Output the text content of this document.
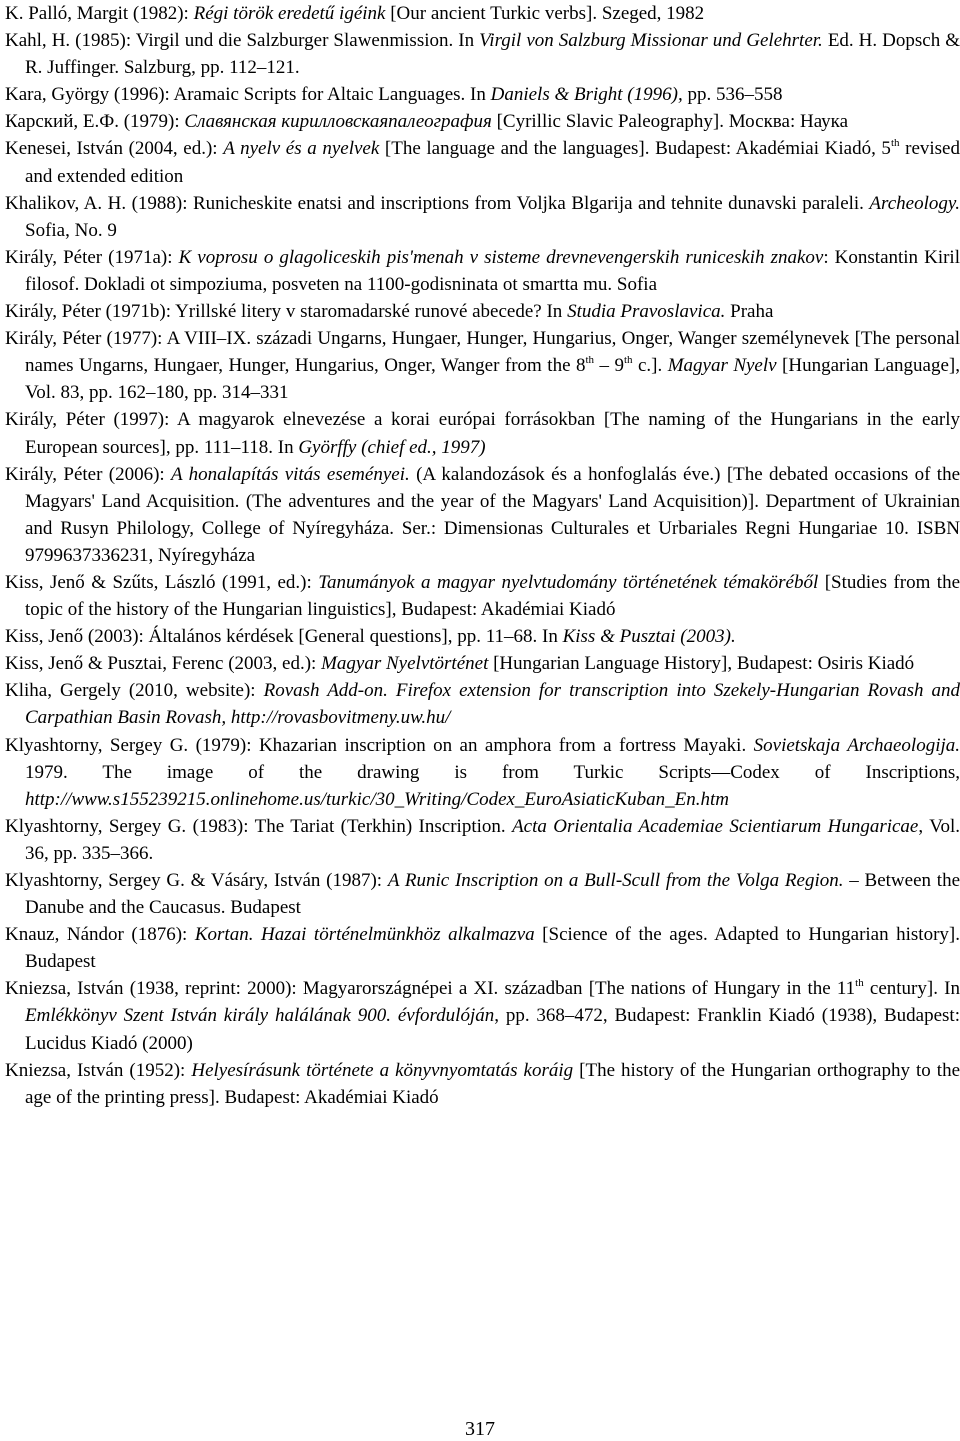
K. Palló, Margit (1982): Régi török eredetű igéink [Our ancient Turkic verbs]. Szeged, 1982

Kahl, H. (1985): Virgil und die Salzburger Slawenmission. In Virgil von Salzburg Missionar und Gelehrter. Ed. H. Dopsch & R. Juffinger. Salzburg, pp. 112–121.

Kara, György (1996): Aramaic Scripts for Altaic Languages. In Daniels & Bright (1996), pp. 536–558

Карский, Е.Ф. (1979): Славянская кирилловскаяпалеография [Cyrillic Slavic Paleography]. Москва: Наука

Kenesei, István (2004, ed.): A nyelv és a nyelvek [The language and the languages]. Budapest: Akadémiai Kiadó, 5th revised and extended edition

Khalikov, A. H. (1988): Runicheskite enatsi and inscriptions from Voljka Blgarija and tehnite dunavski paraleli. Archeology. Sofia, No. 9

Király, Péter (1971a): K voprosu o glagoliceskih pis'menah v sisteme drevnevengerskih runiceskih znakov: Konstantin Kiril filosof. Dokladi ot simpoziuma, posveten na 1100-godisninata ot smartta mu. Sofia

Király, Péter (1971b): Yrillské litery v staromadarské runové abecede? In Studia Pravoslavica. Praha

Király, Péter (1977): A VIII–IX. századi Ungarns, Hungaer, Hunger, Hungarius, Onger, Wanger személynevek [The personal names Ungarns, Hungaer, Hunger, Hungarius, Onger, Wanger from the 8th – 9th c.]. Magyar Nyelv [Hungarian Language], Vol. 83, pp. 162–180, pp. 314–331

Király, Péter (1997): A magyarok elnevezése a korai európai forrásokban [The naming of the Hungarians in the early European sources], pp. 111–118. In Györffy (chief ed., 1997)

Király, Péter (2006): A honalapítás vitás eseményei. (A kalandozások és a honfoglalás éve.) [The debated occasions of the Magyars' Land Acquisition. (The adventures and the year of the Magyars' Land Acquisition)]. Department of Ukrainian and Rusyn Philology, College of Nyíregyháza. Ser.: Dimensionas Culturales et Urbariales Regni Hungariae 10. ISBN 9799637336231, Nyíregyháza

Kiss, Jenő & Szűts, László (1991, ed.): Tanumányok a magyar nyelvtudomány történetének témaköréből [Studies from the topic of the history of the Hungarian linguistics], Budapest: Akadémiai Kiadó

Kiss, Jenő (2003): Általános kérdések [General questions], pp. 11–68. In Kiss & Pusztai (2003).

Kiss, Jenő & Pusztai, Ferenc (2003, ed.): Magyar Nyelvtörténet [Hungarian Language History], Budapest: Osiris Kiadó

Kliha, Gergely (2010, website): Rovash Add-on. Firefox extension for transcription into Szekely-Hungarian Rovash and Carpathian Basin Rovash, http://rovasbovitmeny.uw.hu/

Klyashtorny, Sergey G. (1979): Khazarian inscription on an amphora from a fortress Mayaki. Sovietskaja Archaeologija. 1979. The image of the drawing is from Turkic Scripts—Codex of Inscriptions, http://www.s155239215.onlinehome.us/turkic/30_Writing/Codex_EuroAsiaticKuban_En.htm

Klyashtorny, Sergey G. (1983): The Tariat (Terkhin) Inscription. Acta Orientalia Academiae Scientiarum Hungaricae, Vol. 36, pp. 335–366.

Klyashtorny, Sergey G. & Vásáry, István (1987): A Runic Inscription on a Bull-Scull from the Volga Region. – Between the Danube and the Caucasus. Budapest

Knauz, Nándor (1876): Kortan. Hazai történelmünkhöz alkalmazva [Science of the ages. Adapted to Hungarian history]. Budapest

Kniezsa, István (1938, reprint: 2000): Magyarországnépei a XI. században [The nations of Hungary in the 11th century]. In Emlékkönyv Szent István király halálának 900. évfordulóján, pp. 368–472, Budapest: Franklin Kiadó (1938), Budapest: Lucidus Kiadó (2000)

Kniezsa, István (1952): Helyesírásunk története a könyvnyomtatás koráig [The history of the Hungarian orthography to the age of the printing press]. Budapest: Akadémiai Kiadó

317
